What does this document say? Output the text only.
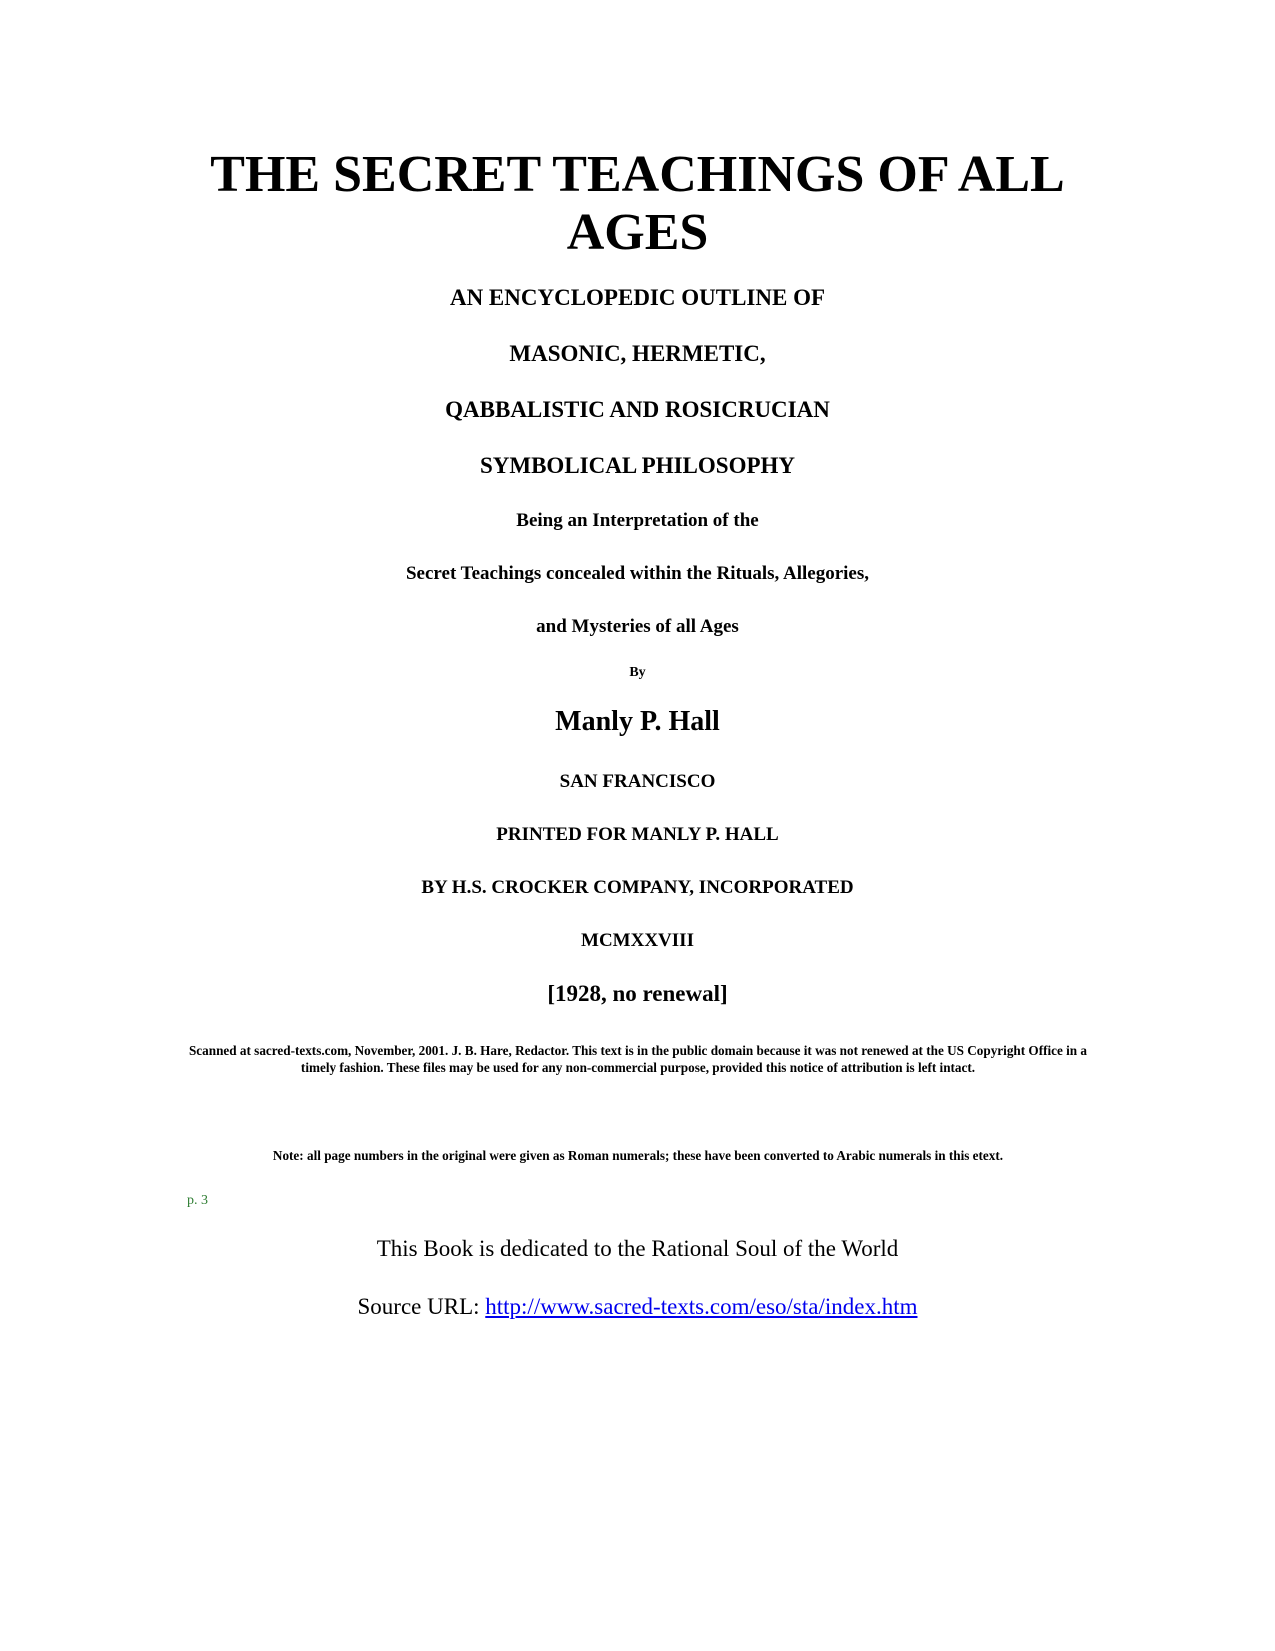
THE SECRET TEACHINGS OF ALL
AGES

AN ENCYCLOPEDIC OUTLINE OF

MASONIC, HERMETIC,

QABBALISTIC AND ROSICRUCIAN

SYMBOLICAL PHILOSOPHY

Being an Interpretation of the

Secret Teachings concealed within the Rituals, Allegories,

and Mysteries of all Ages

By

Manly P. Hall

SAN FRANCISCO

PRINTED FOR MANLY P. HALL

BY H.S. CROCKER COMPANY, INCORPORATED

MCMXXVIII

[1928, no renewal]

Scanned at sacred-texts.com, November, 2001. J. B. Hare, Redactor. This text is in the public domain because it was not renewed at the US Copyright Office in a timely fashion. These files may be used for any non-commercial purpose, provided this notice of attribution is left intact.

Note: all page numbers in the original were given as Roman numerals; these have been converted to Arabic numerals in this etext.

p. 3

This Book is dedicated to the Rational Soul of the World

Source URL: http://www.sacred-texts.com/eso/sta/index.htm
